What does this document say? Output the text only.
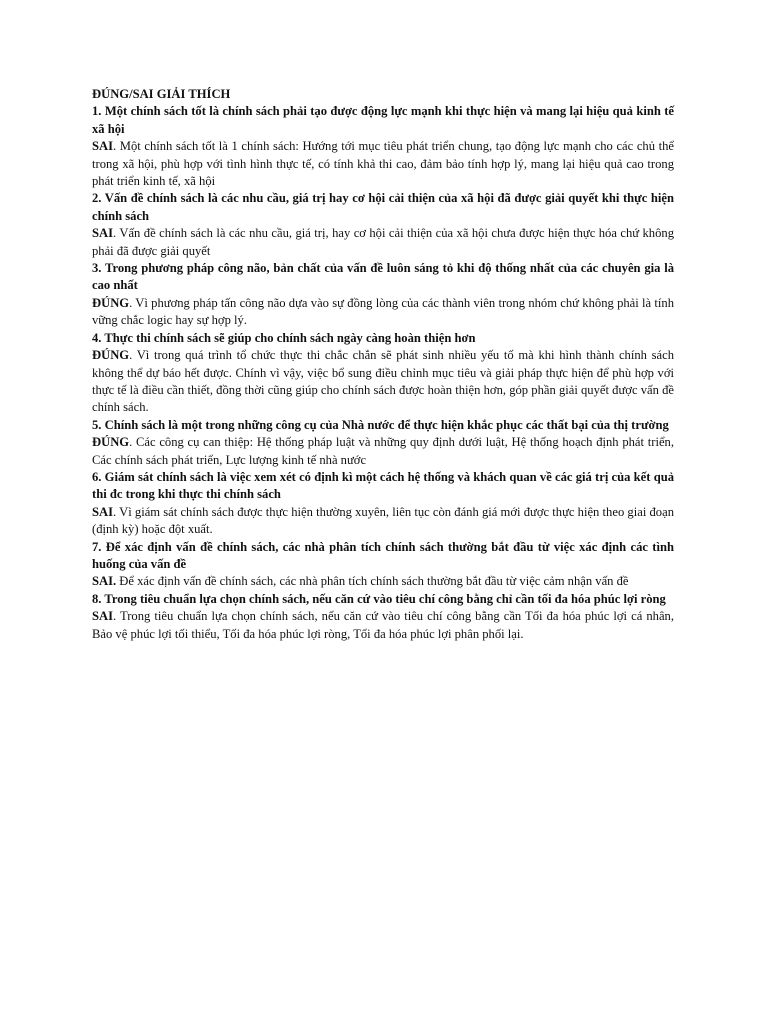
ĐÚNG/SAI GIẢI THÍCH

1. Một chính sách tốt là chính sách phải tạo được động lực mạnh khi thực hiện và mang lại hiệu quả kinh tế xã hội

SAI. Một chính sách tốt là 1 chính sách: Hướng tới mục tiêu phát triển chung, tạo động lực mạnh cho các chủ thể trong xã hội, phù hợp với tình hình thực tế, có tính khả thi cao, đảm bảo tính hợp lý, mang lại hiệu quả cao trong phát triển kinh tế, xã hội

2. Vấn đề chính sách là các nhu cầu, giá trị hay cơ hội cải thiện của xã hội đã được giải quyết khi thực hiện chính sách

SAI. Vấn đề chính sách là các nhu cầu, giá trị, hay cơ hội cải thiện của xã hội chưa được hiện thực hóa chứ không phải đã được giải quyết

3. Trong phương pháp công não, bản chất của vấn đề luôn sáng tỏ khi độ thống nhất của các chuyên gia là cao nhất

ĐÚNG. Vì phương pháp tấn công não dựa vào sự đồng lòng của các thành viên trong nhóm chứ không phải là tính vững chắc logic hay sự hợp lý.

4. Thực thi chính sách sẽ giúp cho chính sách ngày càng hoàn thiện hơn

ĐÚNG. Vì trong quá trình tổ chức thực thi chắc chắn sẽ phát sinh nhiều yếu tố mà khi hình thành chính sách không thể dự báo hết được. Chính vì vậy, việc bổ sung điều chỉnh mục tiêu và giải pháp thực hiện để phù hợp với thực tế là điều cần thiết, đồng thời cũng giúp cho chính sách được hoàn thiện hơn, góp phần giải quyết được vấn đề chính sách.

5. Chính sách là một trong những công cụ của Nhà nước để thực hiện khắc phục các thất bại của thị trường

ĐÚNG. Các công cụ can thiệp: Hệ thống pháp luật và những quy định dưới luật, Hệ thống hoạch định phát triển, Các chính sách phát triển, Lực lượng kinh tế nhà nước

6. Giám sát chính sách là việc xem xét có định kì một cách hệ thống và khách quan về các giá trị của kết quả thi đc trong khi thực thi chính sách

SAI. Vì giám sát chính sách được thực hiện thường xuyên, liên tục còn đánh giá mới được thực hiện theo giai đoạn (định kỳ) hoặc đột xuất.

7. Để xác định vấn đề chính sách, các nhà phân tích chính sách thường bắt đầu từ việc xác định các tình huống của vấn đề

SAI. Để xác định vấn đề chính sách, các nhà phân tích chính sách thường bắt đầu từ việc cảm nhận vấn đề

8. Trong tiêu chuẩn lựa chọn chính sách, nếu căn cứ vào tiêu chí công bằng chỉ cần tối đa hóa phúc lợi ròng

SAI. Trong tiêu chuẩn lựa chọn chính sách, nếu căn cứ vào tiêu chí công bằng cần Tối đa hóa phúc lợi cá nhân, Bảo vệ phúc lợi tối thiểu, Tối đa hóa phúc lợi ròng, Tối đa hóa phúc lợi phân phối lại.
